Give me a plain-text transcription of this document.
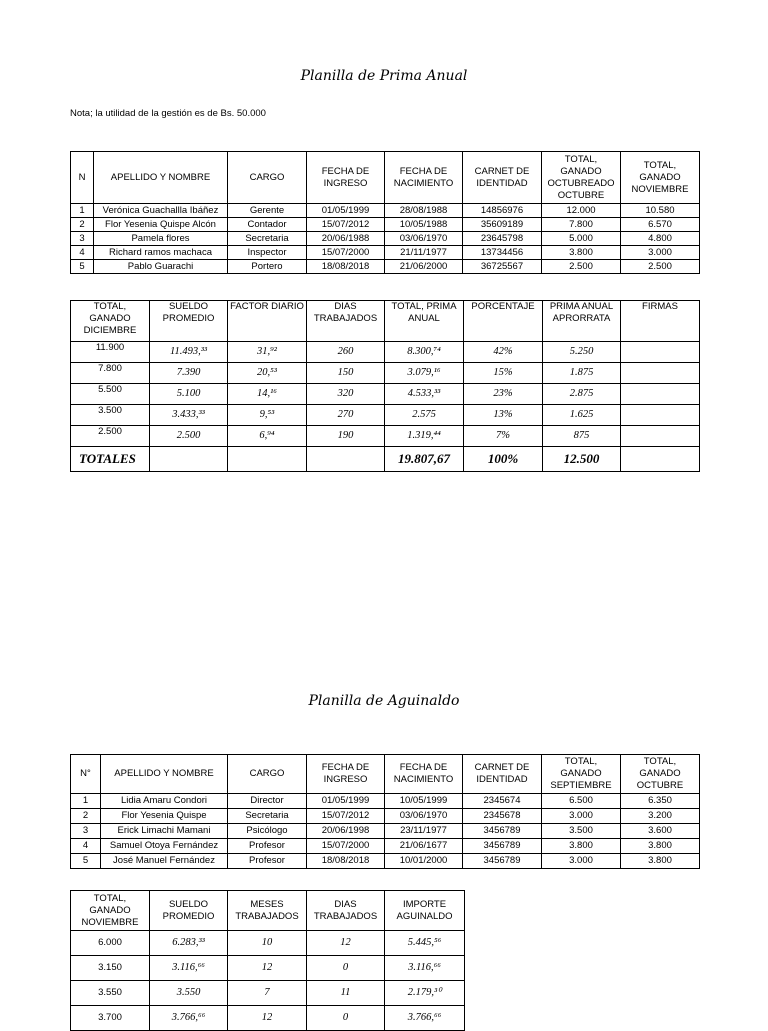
Planilla de Prima Anual
Nota; la utilidad de la gestión es de Bs. 50.000
N	APELLIDO Y NOMBRE	CARGO	FECHA DE INGRESO	FECHA DE NACIMIENTO	CARNET DE IDENTIDAD	TOTAL, GANADO OCTUBREADO OCTUBRE	TOTAL, GANADO NOVIEMBRE
1	Verónica Guachallla Ibáñez	Gerente	01/05/1999	28/08/1988	14856976	12.000	10.580
2	Flor Yesenia Quispe Alcón	Contador	15/07/2012	10/05/1988	35609189	7.800	6.570
3	Pamela flores	Secretaria	20/06/1988	03/06/1970	23645798	5.000	4.800
4	Richard ramos machaca	Inspector	15/07/2000	21/11/1977	13734456	3.800	3.000
5	Pablo Guarachi	Portero	18/08/2018	21/06/2000	36725567	2.500	2.500
TOTAL, GANADO DICIEMBRE	SUELDO PROMEDIO	FACTOR DIARIO	DIAS TRABAJADOS	TOTAL, PRIMA ANUAL	PORCENTAJE	PRIMA ANUAL APRORRATA	FIRMAS
11.900	11.493,³³	31,⁹²	260	8.300,⁷⁴	42%	5.250	
7.800	7.390	20,⁵³	150	3.079,¹⁶	15%	1.875	
5.500	5.100	14,¹⁶	320	4.533,³³	23%	2.875	
3.500	3.433,³³	9,⁵³	270	2.575	13%	1.625	
2.500	2.500	6,⁹⁴	190	1.319,⁴⁴	7%	875	
TOTALES				19.807,67	100%	12.500	
Planilla de Aguinaldo
N°	APELLIDO Y NOMBRE	CARGO	FECHA DE INGRESO	FECHA DE NACIMIENTO	CARNET DE IDENTIDAD	TOTAL, GANADO SEPTIEMBRE	TOTAL, GANADO OCTUBRE
1	Lidia Amaru Condori	Director	01/05/1999	10/05/1999	2345674	6.500	6.350
2	Flor Yesenia Quispe	Secretaria	15/07/2012	03/06/1970	2345678	3.000	3.200
3	Erick Limachi Mamani	Psicólogo	20/06/1998	23/11/1977	3456789	3.500	3.600
4	Samuel Otoya Fernández	Profesor	15/07/2000	21/06/1677	3456789	3.800	3.800
5	José Manuel Fernández	Profesor	18/08/2018	10/01/2000	3456789	3.000	3.800
TOTAL, GANADO NOVIEMBRE	SUELDO PROMEDIO	MESES TRABAJADOS	DIAS TRABAJADOS	IMPORTE AGUINALDO
6.000	6.283,³³	10	12	5.445,⁵⁶
3.150	3.116,⁶⁶	12	0	3.116,⁶⁶
3.550	3.550	7	11	2.179,³⁰
3.700	3.766,⁶⁶	12	0	3.766,⁶⁶
